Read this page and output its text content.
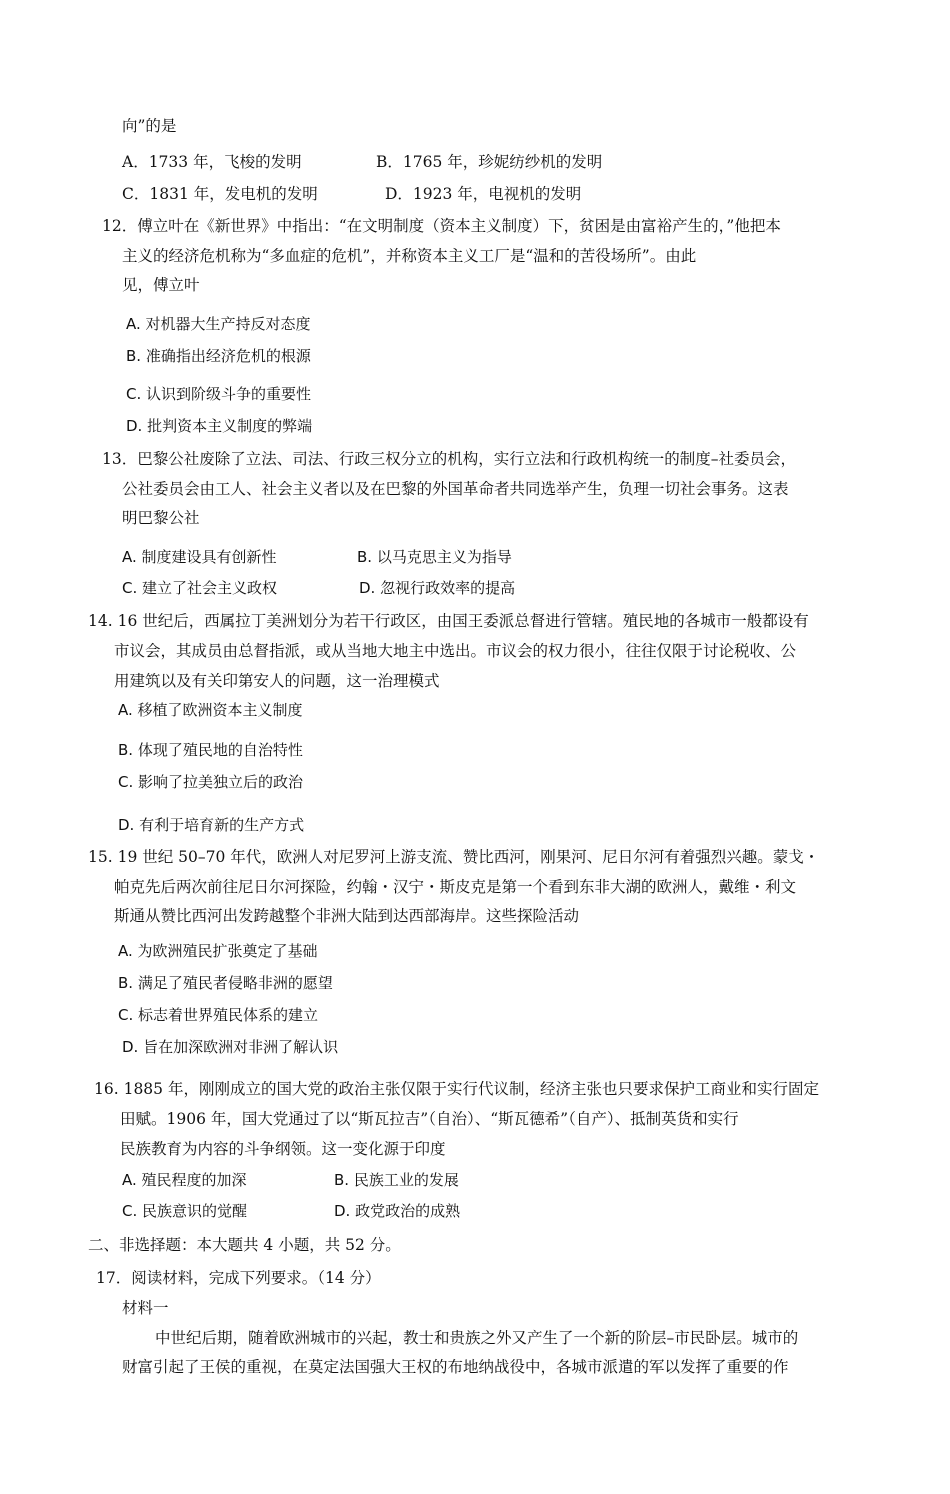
向”的是
A．1733 年，飞梭的发明	B．1765 年，珍妮纺纱机的发明
C．1831 年，发电机的发明	D．1923 年，电视机的发明
12．傅立叶在《新世界》中指出：“在文明制度（资本主义制度）下，贫困是由富裕产生的，”他把本
主义的经济危机称为“多血症的危机”，并称资本主义工厂是“温和的苦役场所”。由此
见，傅立叶
A. 对机器大生产持反对态度
B. 准确指出经济危机的根源
C. 认识到阶级斗争的重要性
D. 批判资本主义制度的弊端
13．巴黎公社废除了立法、司法、行政三权分立的机构，实行立法和行政机构统一的制度–社委员会，
公社委员会由工人、社会主义者以及在巴黎的外国革命者共同选举产生，负理一切社会事务。这表
明巴黎公社
A. 制度建设具有创新性	B. 以马克思主义为指导
C. 建立了社会主义政权	D. 忽视行政效率的提高
14. 16 世纪后，西属拉丁美洲划分为若干行政区，由国王委派总督进行管辖。殖民地的各城市一般都设有
市议会，其成员由总督指派，或从当地大地主中选出。市议会的权力很小，往往仅限于讨论税收、公
用建筑以及有关印第安人的问题，这一治理模式
A. 移植了欧洲资本主义制度
B. 体现了殖民地的自治特性
C. 影响了拉美独立后的政治
D. 有利于培育新的生产方式
15. 19 世纪 50–70 年代，欧洲人对尼罗河上游支流、赞比西河，刚果河、尼日尔河有着强烈兴趣。蒙戈・
帕克先后两次前往尼日尔河探险，约翰・汉宁・斯皮克是第一个看到东非大湖的欧洲人，戴维・利文
斯通从赞比西河出发跨越整个非洲大陆到达西部海岸。这些探险活动
A. 为欧洲殖民扩张奠定了基础
B. 满足了殖民者侵略非洲的愿望
C. 标志着世界殖民体系的建立
D. 旨在加深欧洲对非洲了解认识
16. 1885 年，刚刚成立的国大党的政治主张仅限于实行代议制，经济主张也只要求保护工商业和实行固定
田赋。1906 年，国大党通过了以“斯瓦拉吉”（自治）、“斯瓦德希”（自产）、抵制英货和实行
民族教育为内容的斗争纲领。这一变化源于印度
A. 殖民程度的加深	B. 民族工业的发展
C. 民族意识的觉醒	D. 政党政治的成熟
二、非选择题：本大题共 4 小题，共 52 分。
17．阅读材料，完成下列要求。（14 分）
材料一
中世纪后期，随着欧洲城市的兴起，教士和贵族之外又产生了一个新的阶层–市民卧层。城市的
财富引起了王侯的重视，在莫定法国强大王权的布地纳战役中，各城市派遣的军以发挥了重要的作
